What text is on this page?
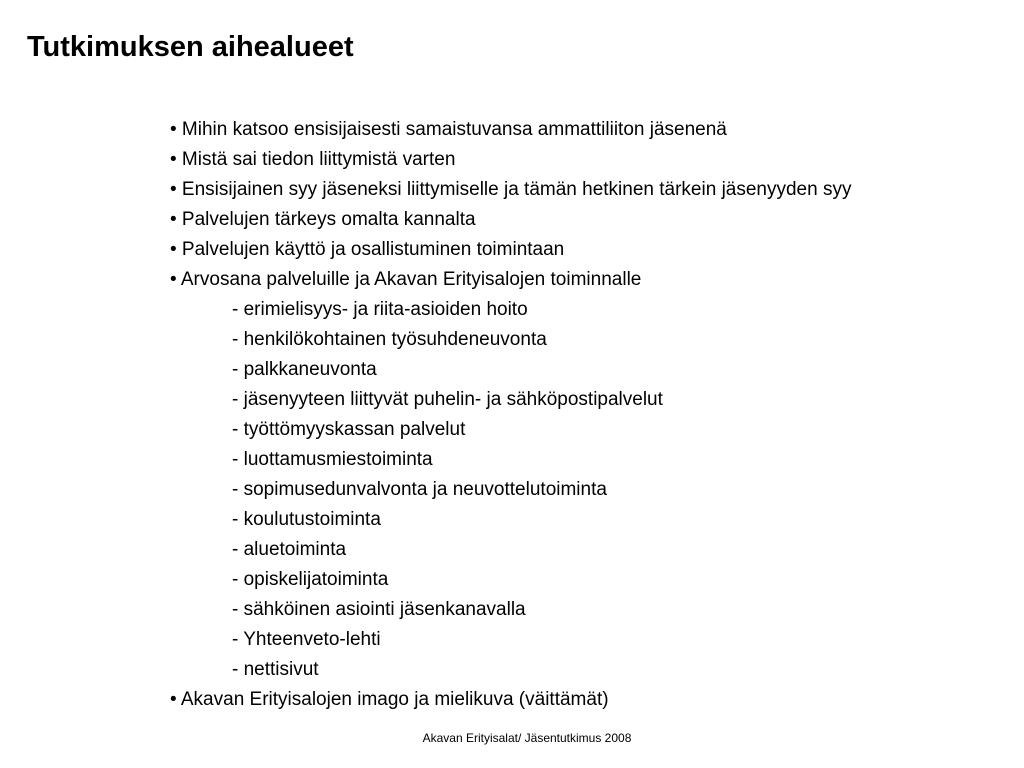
Tutkimuksen aihealueet
• Mihin katsoo ensisijaisesti samaistuvansa ammattiliiton jäsenenä
• Mistä sai tiedon liittymistä varten
• Ensisijainen syy jäseneksi liittymiselle ja tämän hetkinen tärkein jäsenyyden syy
• Palvelujen tärkeys omalta kannalta
• Palvelujen käyttö ja osallistuminen toimintaan
• Arvosana palveluille ja Akavan Erityisalojen toiminnalle
- erimielisyys- ja riita-asioiden hoito
- henkilökohtainen työsuhdeneuvonta
- palkkaneuvonta
- jäsenyyteen liittyvät puhelin- ja sähköpostipalvelut
- työttömyyskassan palvelut
- luottamusmiestoiminta
- sopimusedunvalvonta ja neuvottelutoiminta
- koulutustoiminta
- aluetoiminta
- opiskelijatoiminta
- sähköinen asiointi jäsenkanavalla
- Yhteenveto-lehti
- nettisivut
• Akavan Erityisalojen imago ja mielikuva (väittämät)
Akavan Erityisalat/ Jäsentutkimus 2008
